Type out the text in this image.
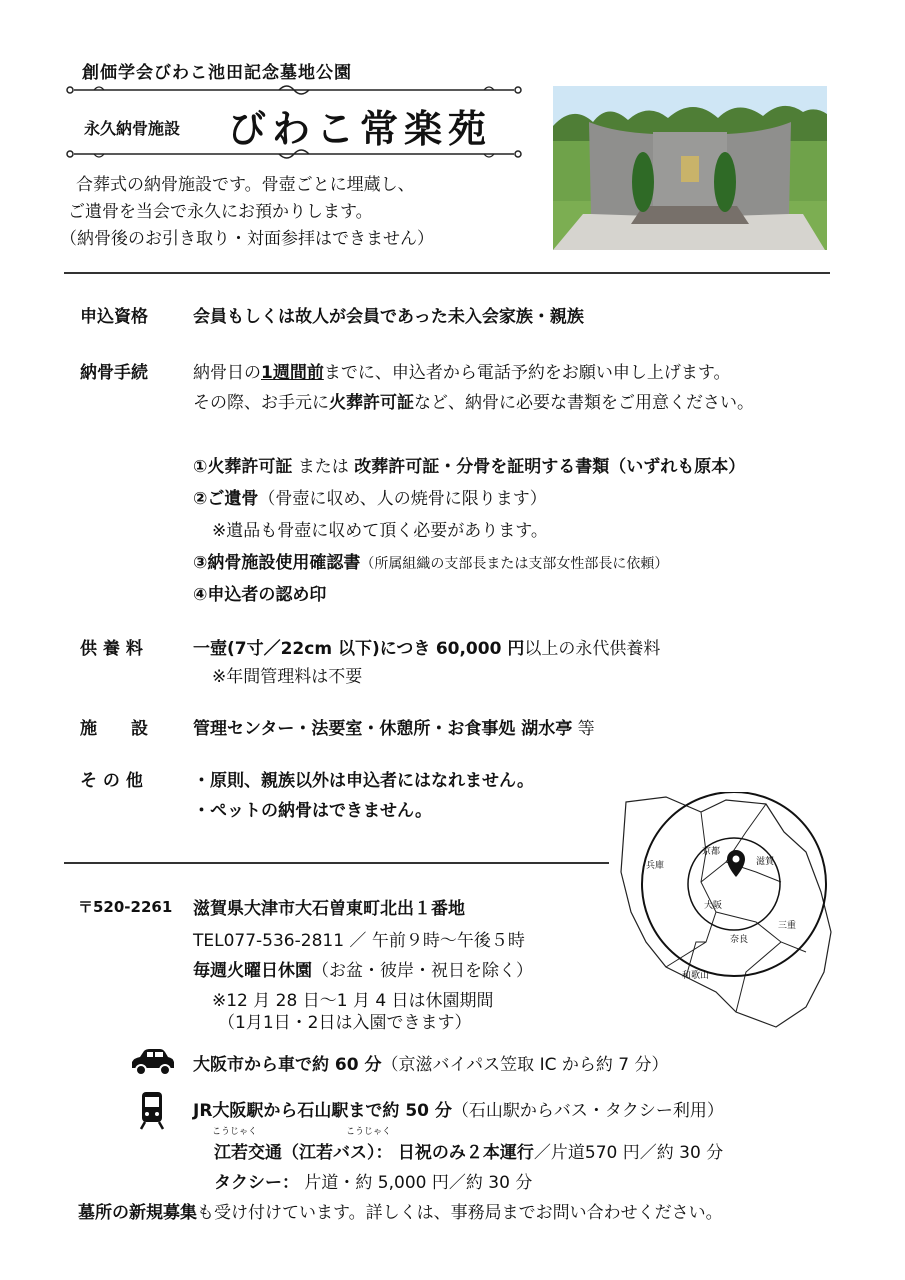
創価学会びわこ池田記念墓地公園
永久納骨施設 びわこ常楽苑
合葬式の納骨施設です。骨壺ごとに埋蔵し、
ご遺骨を当会で永久にお預かりします。
（納骨後のお引き取り・対面参拝はできません）
申込資格	会員もしくは故人が会員であった未入会家族・親族
納骨手続	納骨日の1週間前までに、申込者から電話予約をお願い申し上げます。
その際、お手元に火葬許可証など、納骨に必要な書類をご用意ください。
①火葬許可証 または 改葬許可証・分骨を証明する書類（いずれも原本）
②ご遺骨（骨壺に収め、人の焼骨に限ります）
※遺品も骨壺に収めて頂く必要があります。
③納骨施設使用確認書（所属組織の支部長または支部女性部長に依頼）
④申込者の認め印
供 養 料	一壺(7寸／22cm 以下)につき 60,000 円以上の永代供養料
※年間管理料は不要
施　　設	管理センター・法要室・休憩所・お食事処 湖水亭 等
そ の 他	・原則、親族以外は申込者にはなれません。
・ペットの納骨はできません。
兵庫
京都
滋賀
大阪
三重
奈良
和歌山
〒520-2261 滋賀県大津市大石曽東町北出１番地
TEL077-536-2811 ／ 午前９時～午後５時
毎週火曜日休園（お盆・彼岸・祝日を除く）
※12 月 28 日～1 月 4 日は休園期間
（1月1日・2日は入園できます）
大阪市から車で約 60 分（京滋バイパス笠取 IC から約 7 分）
JR大阪駅から石山駅まで約 50 分（石山駅からバス・タクシー利用）
こうじゃく	こうじゃく
江若交通（江若バス）： 日祝のみ２本運行／片道570 円／約 30 分
タクシー： 片道・約 5,000 円／約 30 分
墓所の新規募集も受け付けています。詳しくは、事務局までお問い合わせください。
